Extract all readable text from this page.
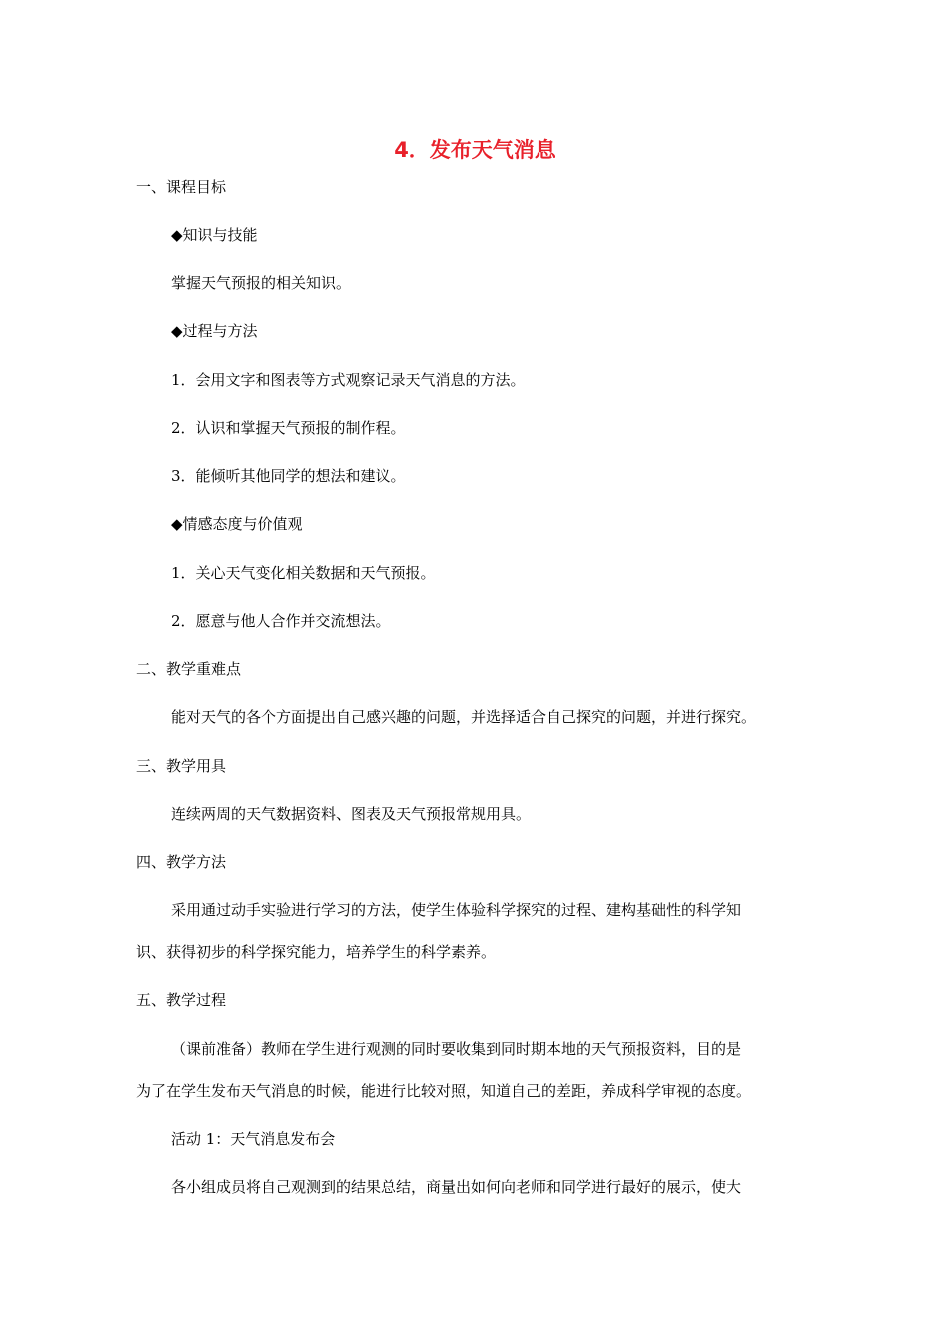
4．发布天气消息
一、课程目标
◆知识与技能
掌握天气预报的相关知识。
◆过程与方法
1．会用文字和图表等方式观察记录天气消息的方法。
2．认识和掌握天气预报的制作程。
3．能倾听其他同学的想法和建议。
◆情感态度与价值观
1．关心天气变化相关数据和天气预报。
2．愿意与他人合作并交流想法。
二、教学重难点
能对天气的各个方面提出自己感兴趣的问题，并选择适合自己探究的问题，并进行探究。
三、教学用具
连续两周的天气数据资料、图表及天气预报常规用具。
四、教学方法
采用通过动手实验进行学习的方法，使学生体验科学探究的过程、建构基础性的科学知
识、获得初步的科学探究能力，培养学生的科学素养。
五、教学过程
（课前准备）教师在学生进行观测的同时要收集到同时期本地的天气预报资料，目的是
为了在学生发布天气消息的时候，能进行比较对照，知道自己的差距，养成科学审视的态度。
活动 1：天气消息发布会
各小组成员将自己观测到的结果总结，商量出如何向老师和同学进行最好的展示，使大
